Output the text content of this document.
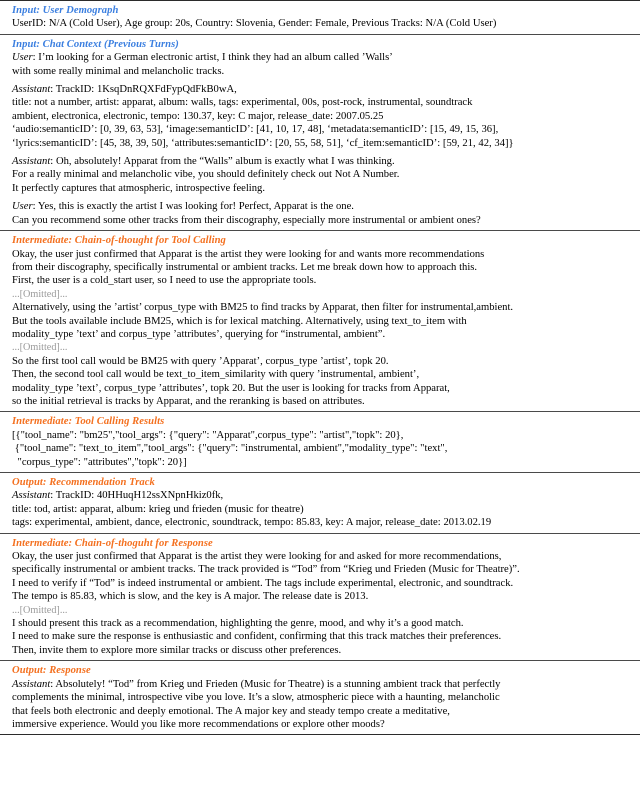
Input: User Demograph
UserID: N/A (Cold User), Age group: 20s, Country: Slovenia, Gender: Female, Previous Tracks: N/A (Cold User)
Input: Chat Context (Previous Turns)
User: I’m looking for a German electronic artist, I think they had an album called ’Walls’
with some really minimal and melancholic tracks.
Assistant: TrackID: 1KsqDnRQXFdFypQdFkB0wA,
title: not a number, artist: apparat, album: walls, tags: experimental, 00s, post-rock, instrumental, soundtrack
ambient, electronica, electronic, tempo: 130.37, key: C major, release_date: 2007.05.25
‘audio:semanticID’: [0, 39, 63, 53], ‘image:semanticID’: [41, 10, 17, 48], ‘metadata:semanticID’: [15, 49, 15, 36],
‘lyrics:semanticID’: [45, 38, 39, 50], ‘attributes:semanticID’: [20, 55, 58, 51], ‘cf_item:semanticID’: [59, 21, 42, 34]}
Assistant: Oh, absolutely! Apparat from the “Walls” album is exactly what I was thinking.
For a really minimal and melancholic vibe, you should definitely check out Not A Number.
It perfectly captures that atmospheric, introspective feeling.
User: Yes, this is exactly the artist I was looking for! Perfect, Apparat is the one.
Can you recommend some other tracks from their discography, especially more instrumental or ambient ones?
Intermediate: Chain-of-thought for Tool Calling
Okay, the user just confirmed that Apparat is the artist they were looking for and wants more recommendations
from their discography, specifically instrumental or ambient tracks. Let me break down how to approach this.
First, the user is a cold_start user, so I need to use the appropriate tools.
...[Omitted]...
Alternatively, using the ’artist’ corpus_type with BM25 to find tracks by Apparat, then filter for instrumental,ambient.
But the tools available include BM25, which is for lexical matching. Alternatively, using text_to_item with
modality_type ’text’ and corpus_type ’attributes’, querying for “instrumental, ambient”.
...[Omitted]...
So the first tool call would be BM25 with query ’Apparat’, corpus_type ’artist’, topk 20.
Then, the second tool call would be text_to_item_similarity with query ’instrumental, ambient’,
modality_type ’text’, corpus_type ’attributes’, topk 20. But the user is looking for tracks from Apparat,
so the initial retrieval is tracks by Apparat, and the reranking is based on attributes.
Intermediate: Tool Calling Results
[{"tool_name": "bm25","tool_args": {"query": "Apparat",corpus_type": "artist","topk": 20},
{"tool_name": "text_to_item","tool_args": {"query": "instrumental, ambient","modality_type": "text",
"corpus_type": "attributes","topk": 20}]
Output: Recommendation Track
Assistant: TrackID: 40HHuqH12ssXNpnHkiz0fk,
title: tod, artist: apparat, album: krieg und frieden (music for theatre)
tags: experimental, ambient, dance, electronic, soundtrack, tempo: 85.83, key: A major, release_date: 2013.02.19
Intermediate: Chain-of-thoguht for Response
Okay, the user just confirmed that Apparat is the artist they were looking for and asked for more recommendations,
specifically instrumental or ambient tracks. The track provided is “Tod” from “Krieg und Frieden (Music for Theatre)”.
I need to verify if “Tod” is indeed instrumental or ambient. The tags include experimental, electronic, and soundtrack.
The tempo is 85.83, which is slow, and the key is A major. The release date is 2013.
...[Omitted]...
I should present this track as a recommendation, highlighting the genre, mood, and why it’s a good match.
I need to make sure the response is enthusiastic and confident, confirming that this track matches their preferences.
Then, invite them to explore more similar tracks or discuss other preferences.
Output: Response
Assistant: Absolutely! “Tod” from Krieg und Frieden (Music for Theatre) is a stunning ambient track that perfectly
complements the minimal, introspective vibe you love. It’s a slow, atmospheric piece with a haunting, melancholic
that feels both electronic and deeply emotional. The A major key and steady tempo create a meditative,
immersive experience. Would you like more recommendations or explore other moods?
